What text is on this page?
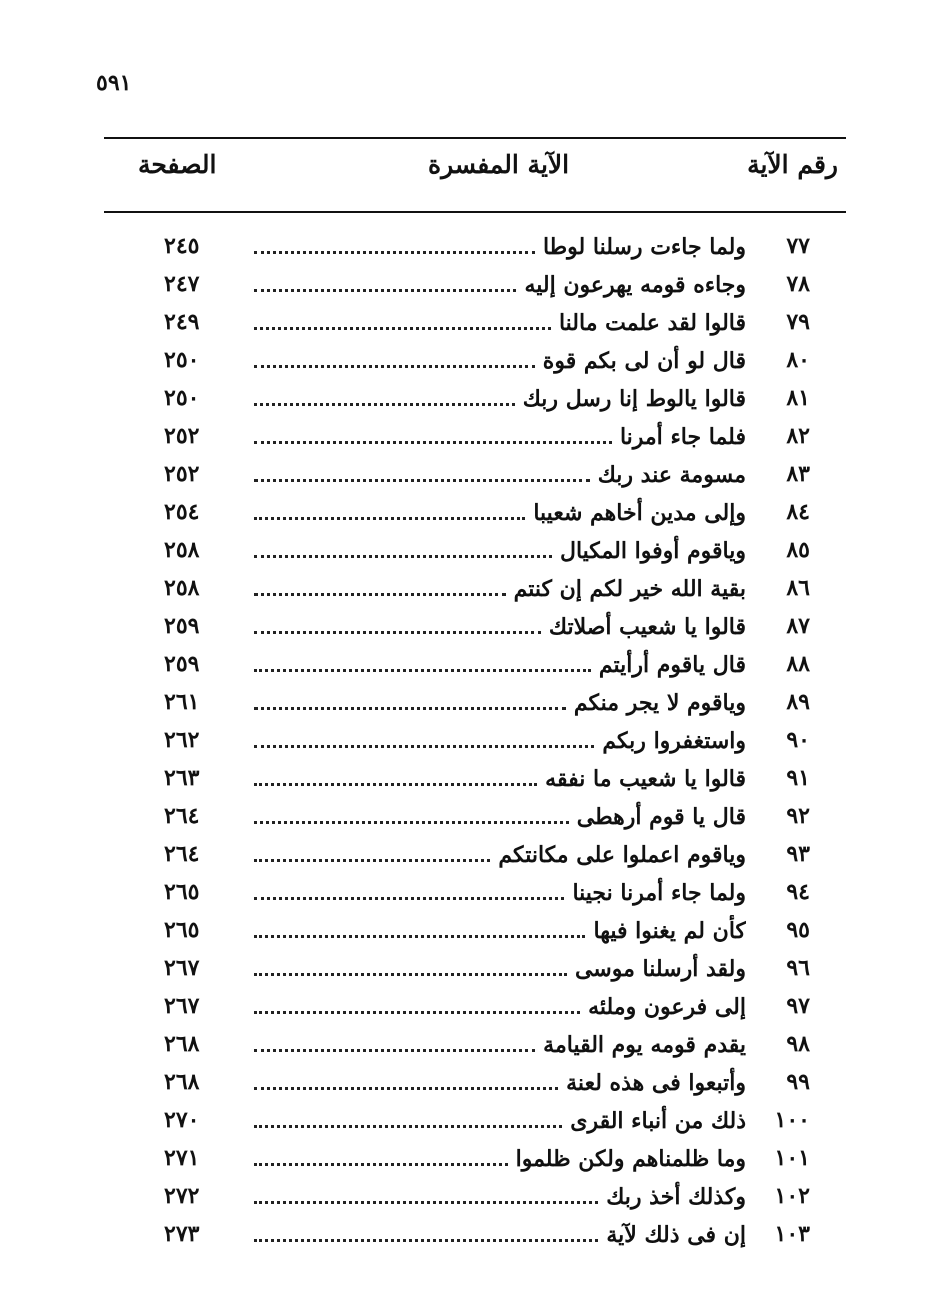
٥٩١
رقم الآية
الآية المفسرة
الصفحة
٧٧
ولما جاءت رسلنا لوطا
٢٤٥
٧٨
وجاءه قومه يهرعون إليه
٢٤٧
٧٩
قالوا لقد علمت مالنا
٢٤٩
٨٠
قال لو أن لى بكم قوة
٢٥٠
٨١
قالوا يالوط إنا رسل ربك
٢٥٠
٨٢
فلما جاء أمرنا
٢٥٢
٨٣
مسومة عند ربك
٢٥٢
٨٤
وإلى مدين أخاهم شعيبا
٢٥٤
٨٥
وياقوم أوفوا المكيال
٢٥٨
٨٦
بقية الله خير لكم إن كنتم
٢٥٨
٨٧
قالوا يا شعيب أصلاتك
٢٥٩
٨٨
قال ياقوم أرأيتم
٢٥٩
٨٩
وياقوم لا يجر منكم
٢٦١
٩٠
واستغفروا ربكم
٢٦٢
٩١
قالوا يا شعيب ما نفقه
٢٦٣
٩٢
قال يا قوم أرهطى
٢٦٤
٩٣
وياقوم اعملوا على مكانتكم
٢٦٤
٩٤
ولما جاء أمرنا نجينا
٢٦٥
٩٥
كأن لم يغنوا فيها
٢٦٥
٩٦
ولقد أرسلنا موسى
٢٦٧
٩٧
إلى فرعون وملئه
٢٦٧
٩٨
يقدم قومه يوم القيامة
٢٦٨
٩٩
وأتبعوا فى هذه لعنة
٢٦٨
١٠٠
ذلك من أنباء القرى
٢٧٠
١٠١
وما ظلمناهم ولكن ظلموا
٢٧١
١٠٢
وكذلك أخذ ربك
٢٧٢
١٠٣
إن فى ذلك لآية
٢٧٣
